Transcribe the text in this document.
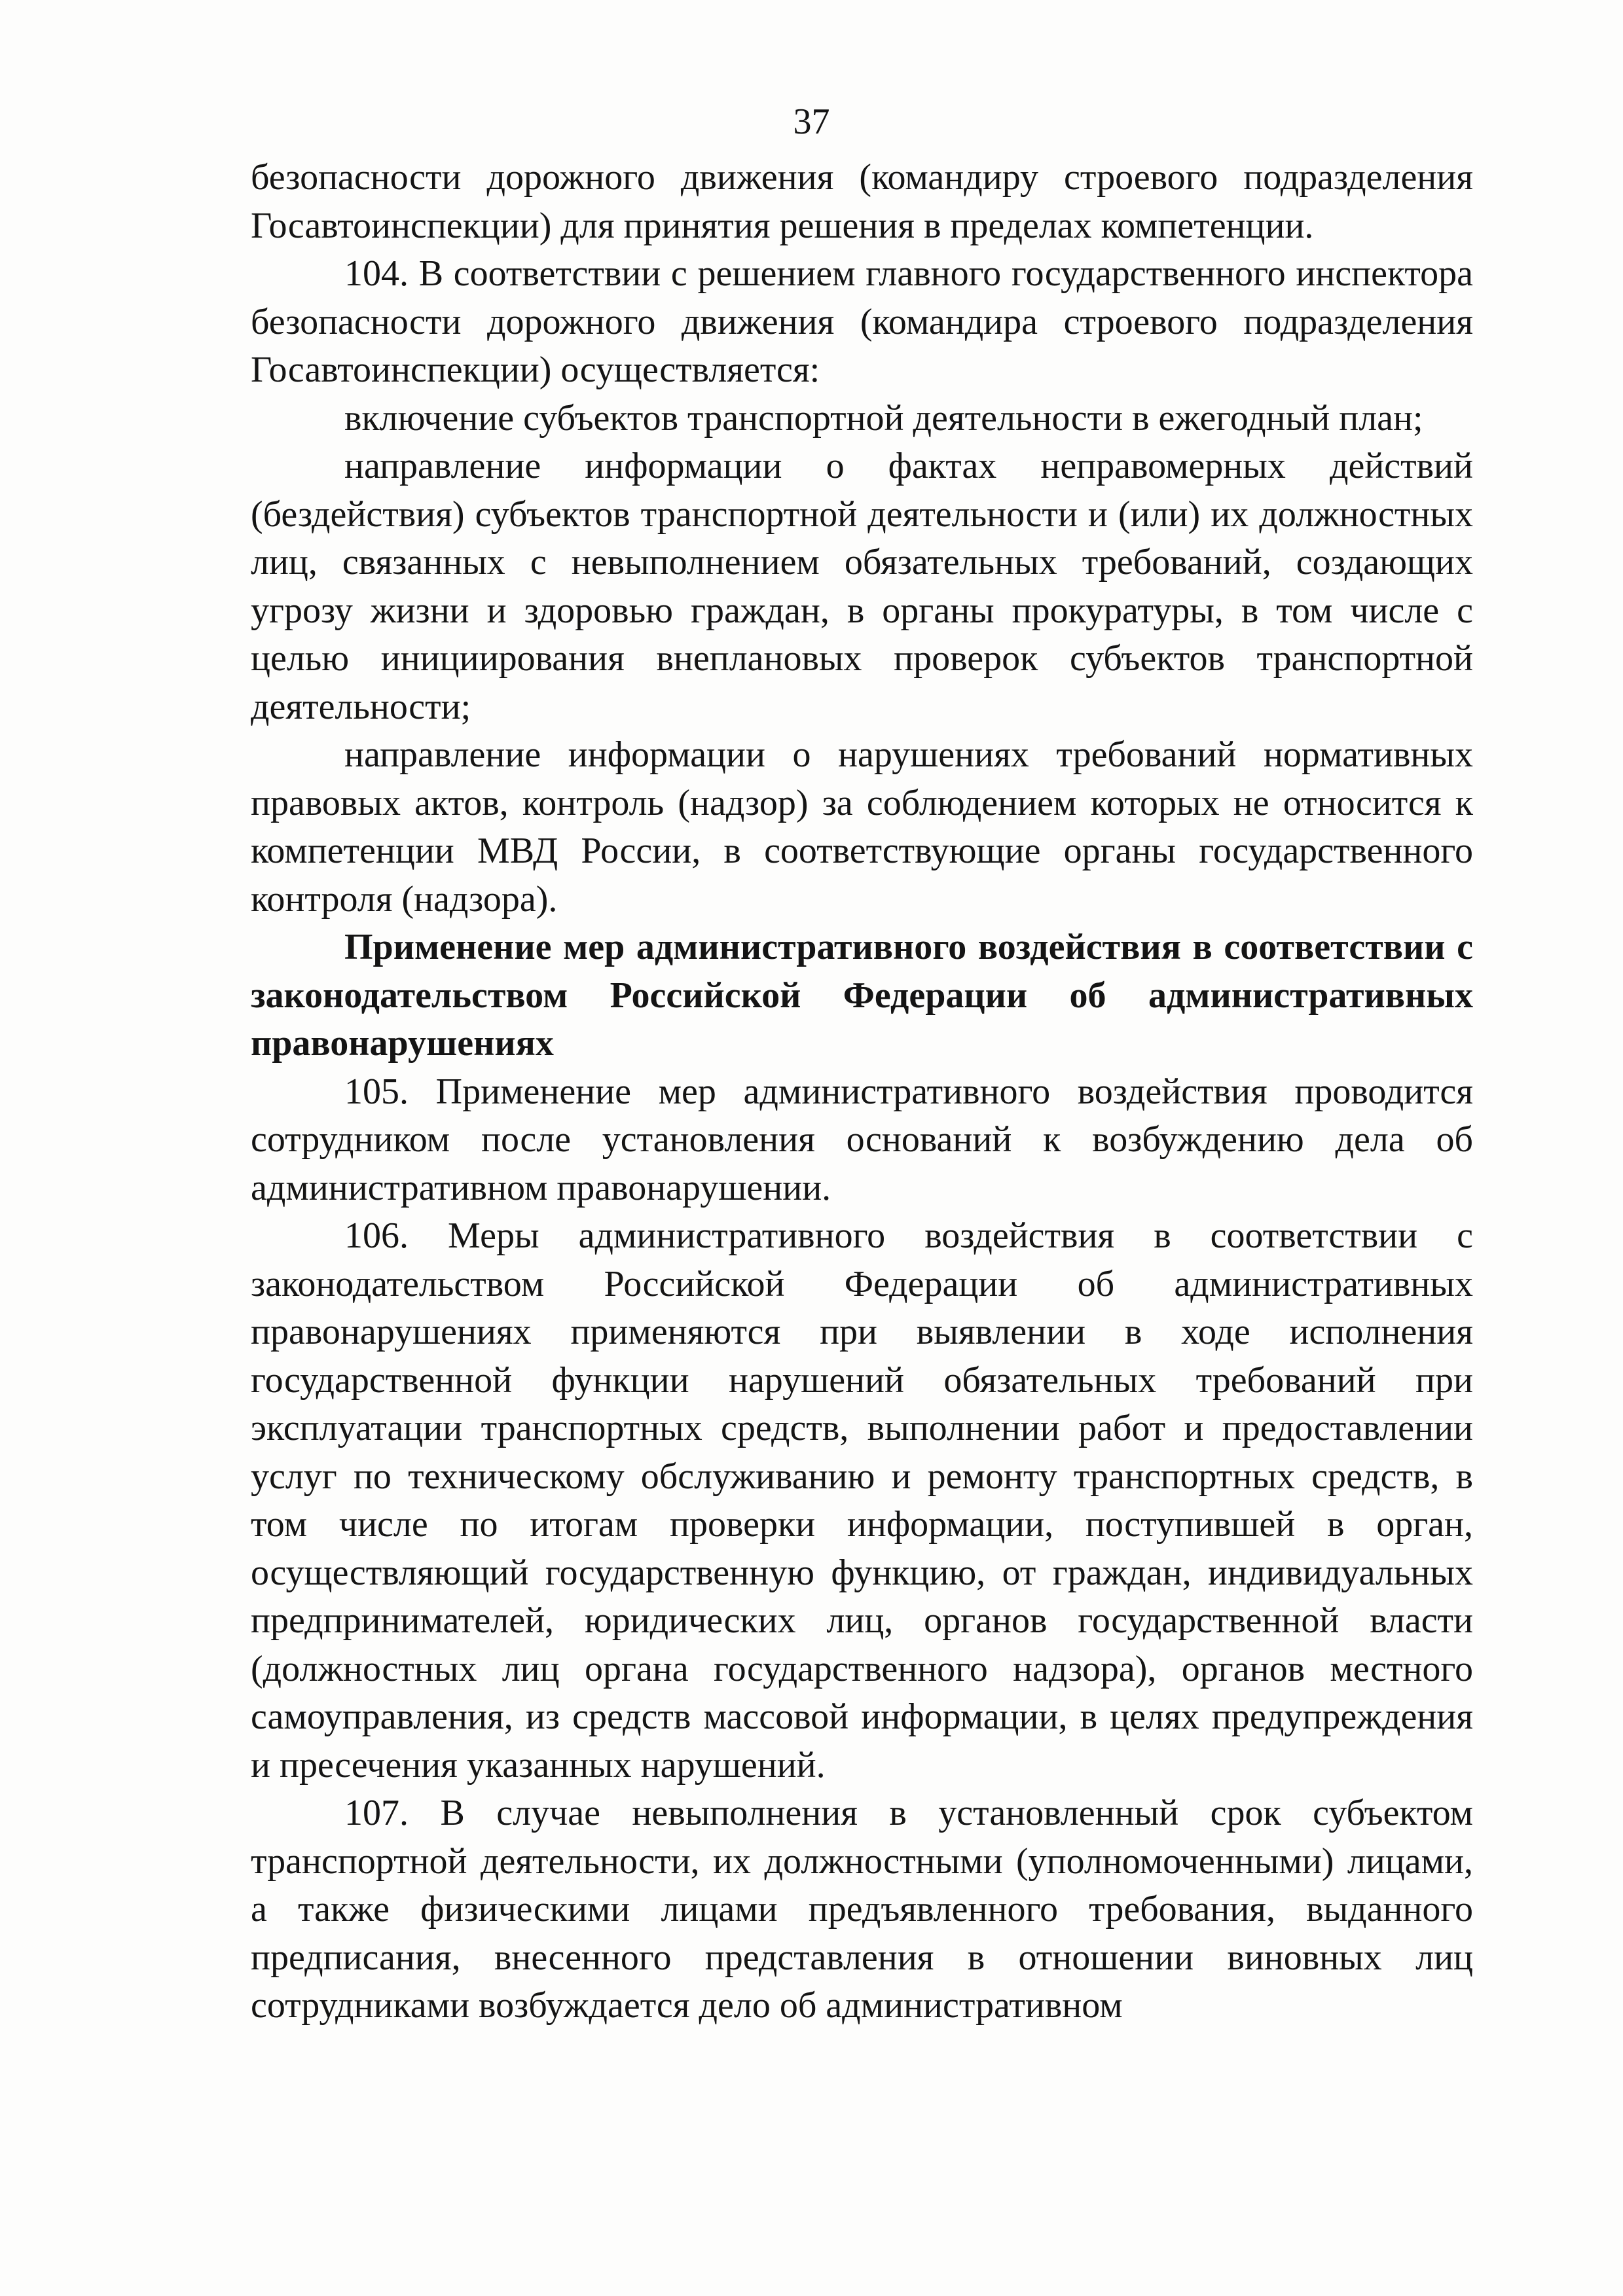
37

безопасности дорожного движения (командиру строевого подразделения Госавтоинспекции) для принятия решения в пределах компетенции.

104. В соответствии с решением главного государственного инспектора безопасности дорожного движения (командира строевого подразделения Госавтоинспекции) осуществляется:

включение субъектов транспортной деятельности в ежегодный план;

направление информации о фактах неправомерных действий (бездействия) субъектов транспортной деятельности и (или) их должностных лиц, связанных с невыполнением обязательных требований, создающих угрозу жизни и здоровью граждан, в органы прокуратуры, в том числе с целью инициирования внеплановых проверок субъектов транспортной деятельности;

направление информации о нарушениях требований нормативных правовых актов, контроль (надзор) за соблюдением которых не относится к компетенции МВД России, в соответствующие органы государственного контроля (надзора).

Применение мер административного воздействия в соответствии с законодательством Российской Федерации об административных правонарушениях

105. Применение мер административного воздействия проводится сотрудником после установления оснований к возбуждению дела об административном правонарушении.

106. Меры административного воздействия в соответствии с законодательством Российской Федерации об административных правонарушениях применяются при выявлении в ходе исполнения государственной функции нарушений обязательных требований при эксплуатации транспортных средств, выполнении работ и предоставлении услуг по техническому обслуживанию и ремонту транспортных средств, в том числе по итогам проверки информации, поступившей в орган, осуществляющий государственную функцию, от граждан, индивидуальных предпринимателей, юридических лиц, органов государственной власти (должностных лиц органа государственного надзора), органов местного самоуправления, из средств массовой информации, в целях предупреждения и пресечения указанных нарушений.

107. В случае невыполнения в установленный срок субъектом транспортной деятельности, их должностными (уполномоченными) лицами, а также физическими лицами предъявленного требования, выданного предписания, внесенного представления в отношении виновных лиц сотрудниками возбуждается дело об административном
